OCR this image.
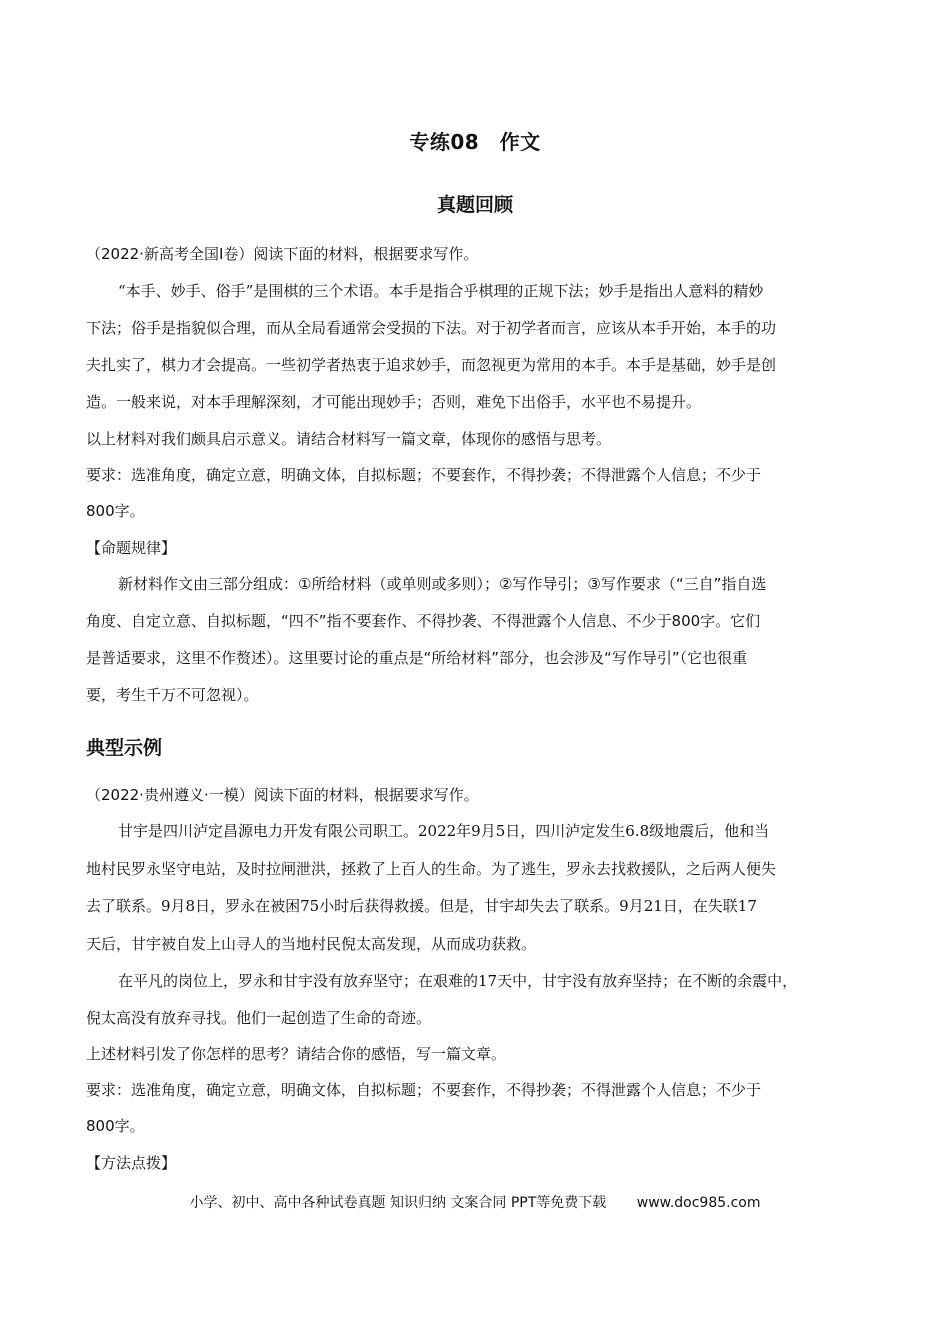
专练08　作文
真题回顾
（2022·新高考全国Ⅰ卷）阅读下面的材料，根据要求写作。
“本手、妙手、俗手”是围棋的三个术语。本手是指合乎棋理的正规下法；妙手是指出人意料的精妙
下法；俗手是指貌似合理，而从全局看通常会受损的下法。对于初学者而言，应该从本手开始，本手的功
夫扎实了，棋力才会提高。一些初学者热衷于追求妙手，而忽视更为常用的本手。本手是基础，妙手是创
造。一般来说，对本手理解深刻，才可能出现妙手；否则，难免下出俗手，水平也不易提升。
以上材料对我们颇具启示意义。请结合材料写一篇文章，体现你的感悟与思考。
要求：选准角度，确定立意，明确文体，自拟标题；不要套作，不得抄袭；不得泄露个人信息；不少于
800字。
【命题规律】
新材料作文由三部分组成：①所给材料（或单则或多则）；②写作导引；③写作要求（“三自”指自选
角度、自定立意、自拟标题，“四不”指不要套作、不得抄袭、不得泄露个人信息、不少于800字。它们
是普适要求，这里不作赘述）。这里要讨论的重点是“所给材料”部分，也会涉及“写作导引”（它也很重
要，考生千万不可忽视）。
典型示例
（2022·贵州遵义·一模）阅读下面的材料，根据要求写作。
甘宇是四川泸定昌源电力开发有限公司职工。2022年9月5日，四川泸定发生6.8级地震后，他和当
地村民罗永坚守电站，及时拉闸泄洪，拯救了上百人的生命。为了逃生，罗永去找救援队，之后两人便失
去了联系。9月8日，罗永在被困75小时后获得救援。但是，甘宇却失去了联系。9月21日，在失联17
天后，甘宇被自发上山寻人的当地村民倪太高发现，从而成功获救。
在平凡的岗位上，罗永和甘宇没有放弃坚守；在艰难的17天中，甘宇没有放弃坚持；在不断的余震中，
倪太高没有放弃寻找。他们一起创造了生命的奇迹。
上述材料引发了你怎样的思考？请结合你的感悟，写一篇文章。
要求：选准角度，确定立意，明确文体，自拟标题；不要套作，不得抄袭；不得泄露个人信息；不少于
800字。
【方法点拨】
小学、初中、高中各种试卷真题 知识归纳 文案合同 PPT等免费下载 www.doc985.com
